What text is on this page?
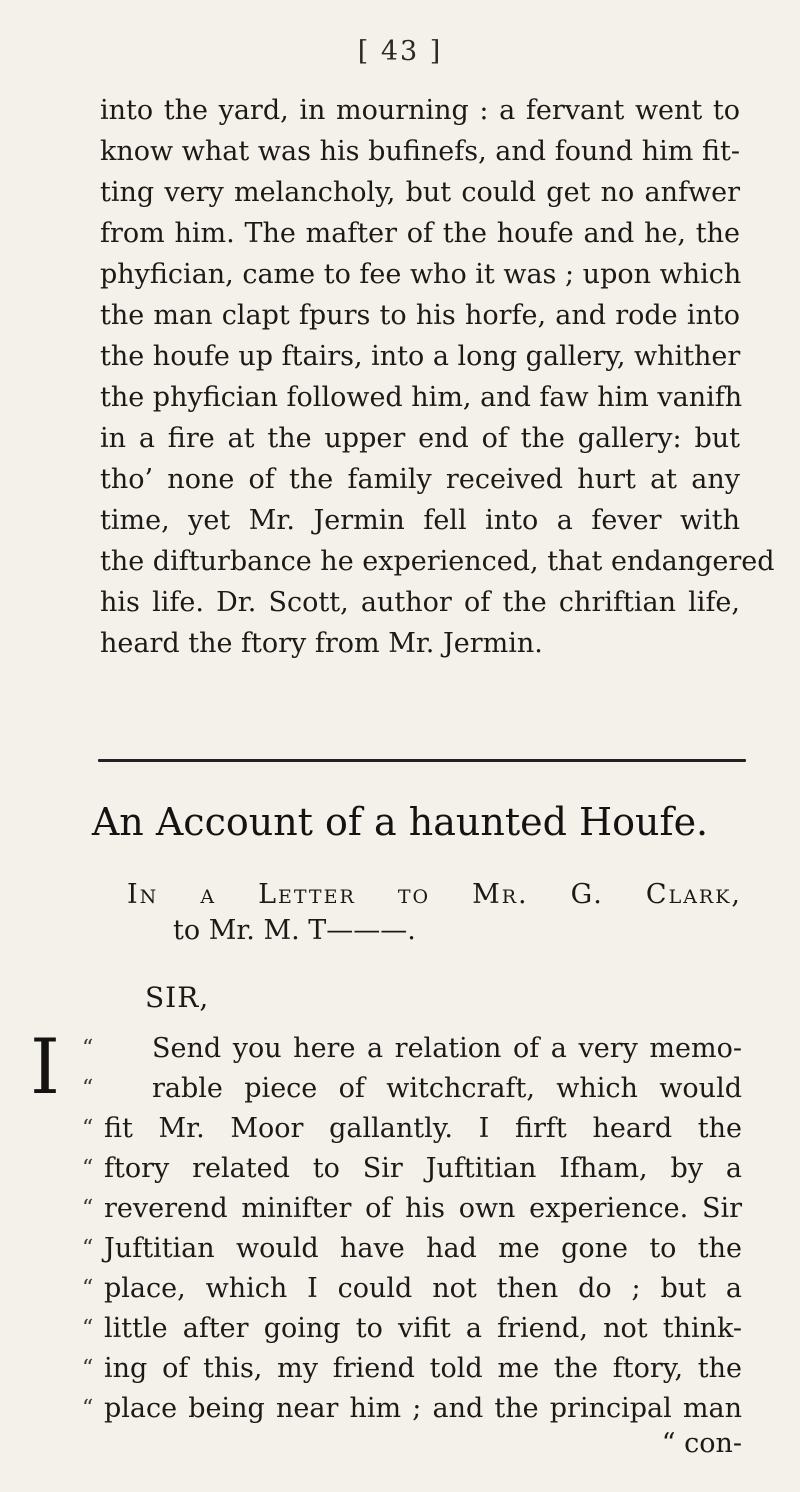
[ 43 ]
into the yard, in mourning : a fervant went to
know what was his bufinefs, and found him fit-
ting very melancholy, but could get no anfwer
from him. The mafter of the houfe and he, the
phyfician, came to fee who it was ; upon which
the man clapt fpurs to his horfe, and rode into
the houfe up ftairs, into a long gallery, whither
the phyfician followed him, and faw him vanifh
in a fire at the upper end of the gallery: but
tho’ none of the family received hurt at any
time, yet Mr. Jermin fell into a fever with
the difturbance he experienced, that endangered
his life. Dr. Scott, author of the chriftian life,
heard the ftory from Mr. Jermin.
An Account of a haunted Houfe.
In a Letter to Mr. G. Clark,
to Mr. M. T———.
SIR,
I “	Send you here a relation of a very memo-
“	rable piece of witchcraft, which would
“ fit Mr. Moor gallantly. I firft heard the
“ ftory related to Sir Juftitian Ifham, by a
“ reverend minifter of his own experience. Sir
“ Juftitian would have had me gone to the
“ place, which I could not then do ; but a
“ little after going to vifit a friend, not think-
“ ing of this, my friend told me the ftory, the
“ place being near him ; and the principal man
“ con-
